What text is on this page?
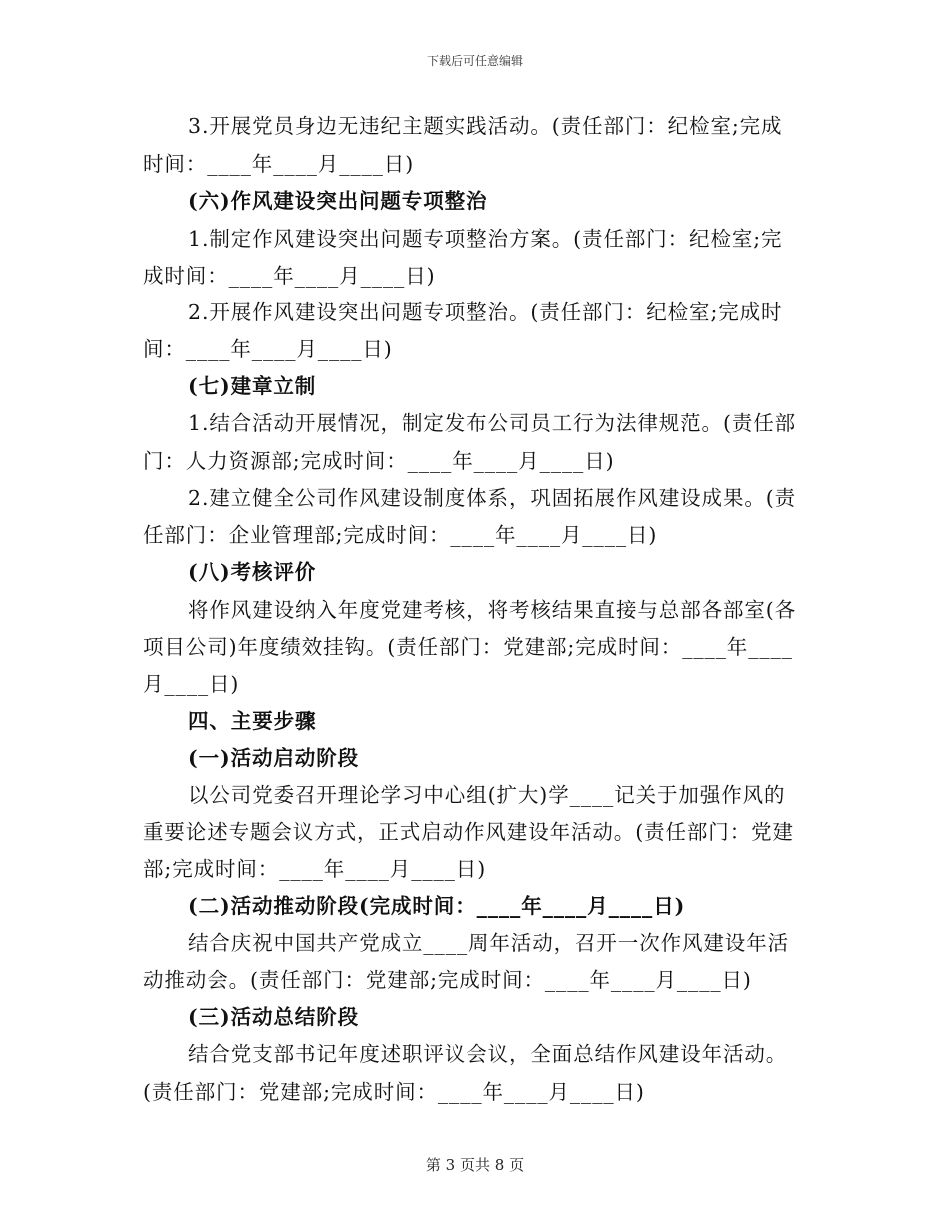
下载后可任意编辑
3.开展党员身边无违纪主题实践活动。(责任部门：纪检室;完成
时间：____年____月____日)
(六)作风建设突出问题专项整治
1.制定作风建设突出问题专项整治方案。(责任部门：纪检室;完
成时间：____年____月____日)
2.开展作风建设突出问题专项整治。(责任部门：纪检室;完成时
间：____年____月____日)
(七)建章立制
1.结合活动开展情况，制定发布公司员工行为法律规范。(责任部
门：人力资源部;完成时间：____年____月____日)
2.建立健全公司作风建设制度体系，巩固拓展作风建设成果。(责
任部门：企业管理部;完成时间：____年____月____日)
(八)考核评价
将作风建设纳入年度党建考核，将考核结果直接与总部各部室(各
项目公司)年度绩效挂钩。(责任部门：党建部;完成时间：____年____
月____日)
四、主要步骤
(一)活动启动阶段
以公司党委召开理论学习中心组(扩大)学____记关于加强作风的
重要论述专题会议方式，正式启动作风建设年活动。(责任部门：党建
部;完成时间：____年____月____日)
(二)活动推动阶段(完成时间：____年____月____日)
结合庆祝中国共产党成立____周年活动，召开一次作风建设年活
动推动会。(责任部门：党建部;完成时间：____年____月____日)
(三)活动总结阶段
结合党支部书记年度述职评议会议，全面总结作风建设年活动。
(责任部门：党建部;完成时间：____年____月____日)
第 3 页共 8 页
